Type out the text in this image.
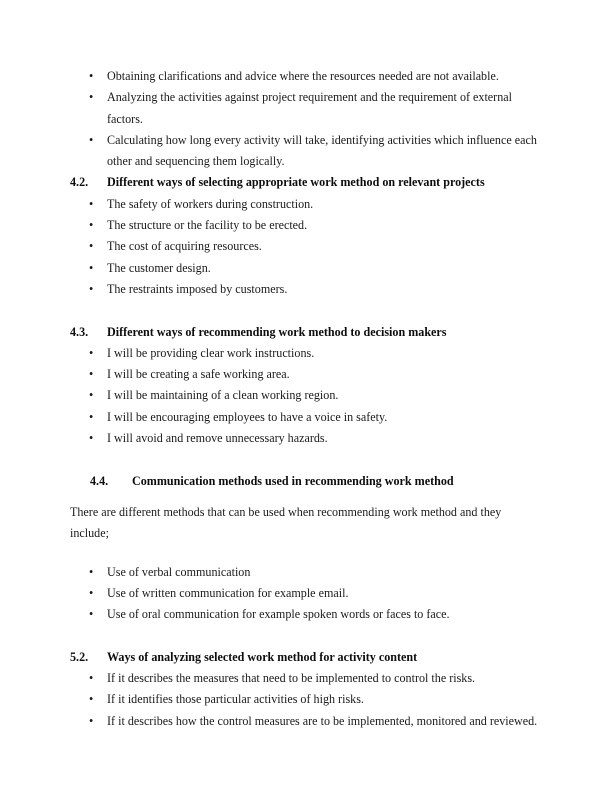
• Obtaining clarifications and advice where the resources needed are not available.
• Analyzing the activities against project requirement and the requirement of external factors.
• Calculating how long every activity will take, identifying activities which influence each other and sequencing them logically.
4.2.	Different ways of selecting appropriate work method on relevant projects
• The safety of workers during construction.
• The structure or the facility to be erected.
• The cost of acquiring resources.
• The customer design.
• The restraints imposed by customers.
4.3.	Different ways of recommending work method to decision makers
• I will be providing clear work instructions.
• I will be creating a safe working area.
• I will be maintaining of a clean working region.
• I will be encouraging employees to have a voice in safety.
• I will avoid and remove unnecessary hazards.
4.4.	Communication methods used in recommending work method

There are different methods that can be used when recommending work method and they include;

• Use of verbal communication
• Use of written communication for example email.
• Use of oral communication for example spoken words or faces to face.
5.2.	Ways of analyzing selected work method for activity content
• If it describes the measures that need to be implemented to control the risks.
• If it identifies those particular activities of high risks.
• If it describes how the control measures are to be implemented, monitored and reviewed.
